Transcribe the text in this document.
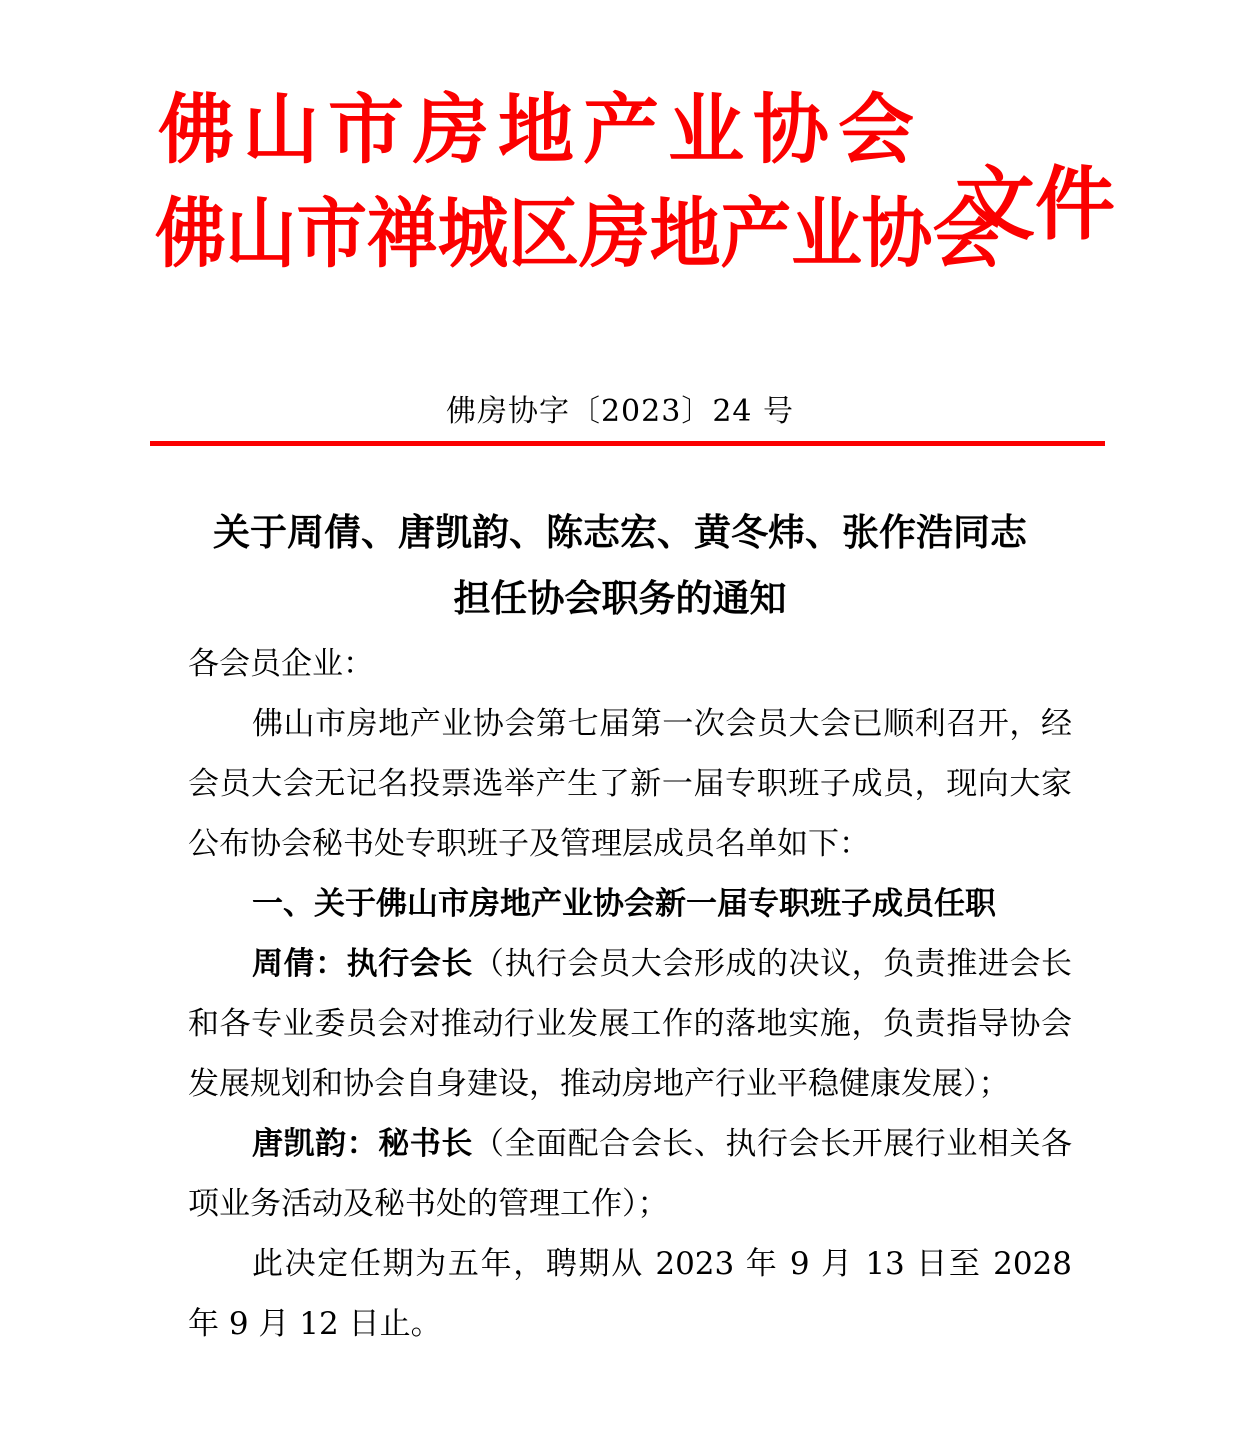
佛山市房地产业协会
佛山市禅城区房地产业协会
文件
佛房协字〔2023〕24 号
关于周倩、唐凯韵、陈志宏、黄冬炜、张作浩同志
担任协会职务的通知

各会员企业：

佛山市房地产业协会第七届第一次会员大会已顺利召开，经会员大会无记名投票选举产生了新一届专职班子成员，现向大家公布协会秘书处专职班子及管理层成员名单如下：

一、关于佛山市房地产业协会新一届专职班子成员任职

周倩：执行会长（执行会员大会形成的决议，负责推进会长和各专业委员会对推动行业发展工作的落地实施，负责指导协会发展规划和协会自身建设，推动房地产行业平稳健康发展）；

唐凯韵：秘书长（全面配合会长、执行会长开展行业相关各项业务活动及秘书处的管理工作）；

此决定任期为五年，聘期从 2023 年 9 月 13 日至 2028 年 9 月 12 日止。
